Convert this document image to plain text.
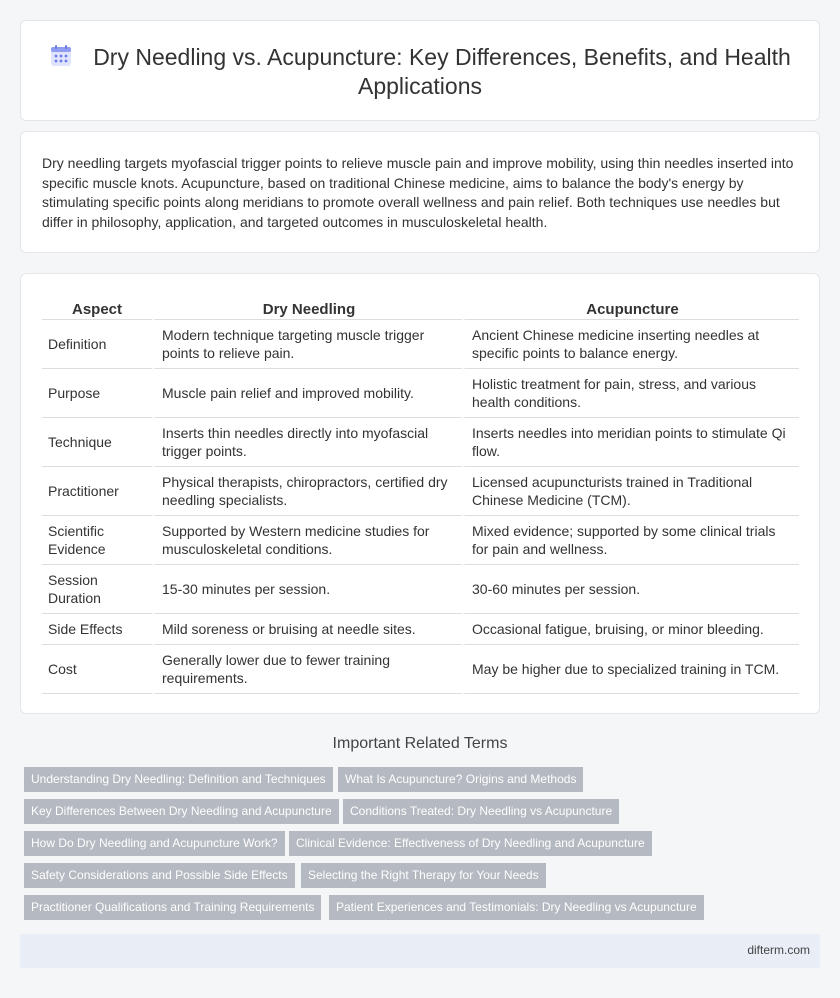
Dry Needling vs. Acupuncture: Key Differences, Benefits, and Health Applications

Dry needling targets myofascial trigger points to relieve muscle pain and improve mobility, using thin needles inserted into specific muscle knots. Acupuncture, based on traditional Chinese medicine, aims to balance the body's energy by stimulating specific points along meridians to promote overall wellness and pain relief. Both techniques use needles but differ in philosophy, application, and targeted outcomes in musculoskeletal health.

Aspect	Dry Needling	Acupuncture
Definition	Modern technique targeting muscle trigger points to relieve pain.	Ancient Chinese medicine inserting needles at specific points to balance energy.
Purpose	Muscle pain relief and improved mobility.	Holistic treatment for pain, stress, and various health conditions.
Technique	Inserts thin needles directly into myofascial trigger points.	Inserts needles into meridian points to stimulate Qi flow.
Practitioner	Physical therapists, chiropractors, certified dry needling specialists.	Licensed acupuncturists trained in Traditional Chinese Medicine (TCM).
Scientific Evidence	Supported by Western medicine studies for musculoskeletal conditions.	Mixed evidence; supported by some clinical trials for pain and wellness.
Session Duration	15-30 minutes per session.	30-60 minutes per session.
Side Effects	Mild soreness or bruising at needle sites.	Occasional fatigue, bruising, or minor bleeding.
Cost	Generally lower due to fewer training requirements.	May be higher due to specialized training in TCM.
Important Related Terms
Understanding Dry Needling: Definition and Techniques	What Is Acupuncture? Origins and Methods
Key Differences Between Dry Needling and Acupuncture	Conditions Treated: Dry Needling vs Acupuncture
How Do Dry Needling and Acupuncture Work?	Clinical Evidence: Effectiveness of Dry Needling and Acupuncture
Safety Considerations and Possible Side Effects	Selecting the Right Therapy for Your Needs
Practitioner Qualifications and Training Requirements	Patient Experiences and Testimonials: Dry Needling vs Acupuncture
difterm.com
